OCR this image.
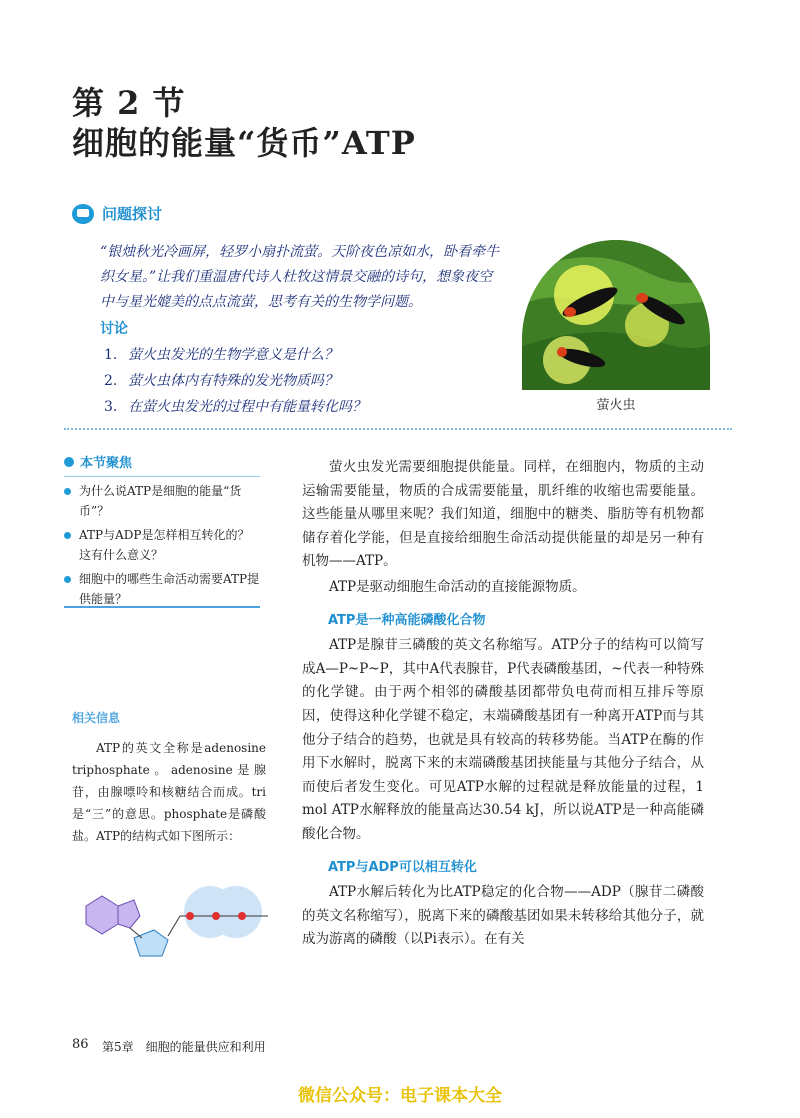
第 2 节
细胞的能量“货币”ATP
问题探讨
“银烛秋光冷画屏，轻罗小扇扑流萤。天阶夜色凉如水，卧看牵牛织女星。”让我们重温唐代诗人杜牧这情景交融的诗句，想象夜空中与星光媲美的点点流萤，思考有关的生物学问题。
讨论
1. 萤火虫发光的生物学意义是什么？
2. 萤火虫体内有特殊的发光物质吗？
3. 在萤火虫发光的过程中有能量转化吗？	萤火虫
本节聚焦
为什么说ATP是细胞的能量“货币”？
ATP与ADP是怎样相互转化的？这有什么意义？
细胞中的哪些生命活动需要ATP提供能量？
相关信息
ATP的英文全称是adenosine triphosphate。adenosine是腺苷，由腺嘌呤和核糖结合而成。tri是“三”的意思。phosphate是磷酸盐。ATP的结构式如下图所示：

萤火虫发光需要细胞提供能量。同样，在细胞内，物质的主动运输需要能量，物质的合成需要能量，肌纤维的收缩也需要能量。这些能量从哪里来呢？我们知道，细胞中的糖类、脂肪等有机物都储存着化学能，但是直接给细胞生命活动提供能量的却是另一种有机物——ATP。

ATP是驱动细胞生命活动的直接能源物质。

ATP是一种高能磷酸化合物

ATP是腺苷三磷酸的英文名称缩写。ATP分子的结构可以简写成A—P~P~P，其中A代表腺苷，P代表磷酸基团，~代表一种特殊的化学键。由于两个相邻的磷酸基团都带负电荷而相互排斥等原因，使得这种化学键不稳定，末端磷酸基团有一种离开ATP而与其他分子结合的趋势，也就是具有较高的转移势能。当ATP在酶的作用下水解时，脱离下来的末端磷酸基团挟能量与其他分子结合，从而使后者发生变化。可见ATP水解的过程就是释放能量的过程，1 mol ATP水解释放的能量高达30.54 kJ，所以说ATP是一种高能磷酸化合物。

ATP与ADP可以相互转化

ATP水解后转化为比ATP稳定的化合物——ADP（腺苷二磷酸的英文名称缩写），脱离下来的磷酸基团如果未转移给其他分子，就成为游离的磷酸（以Pi表示）。在有关

86 第5章　细胞的能量供应和利用
微信公众号：电子课本大全
